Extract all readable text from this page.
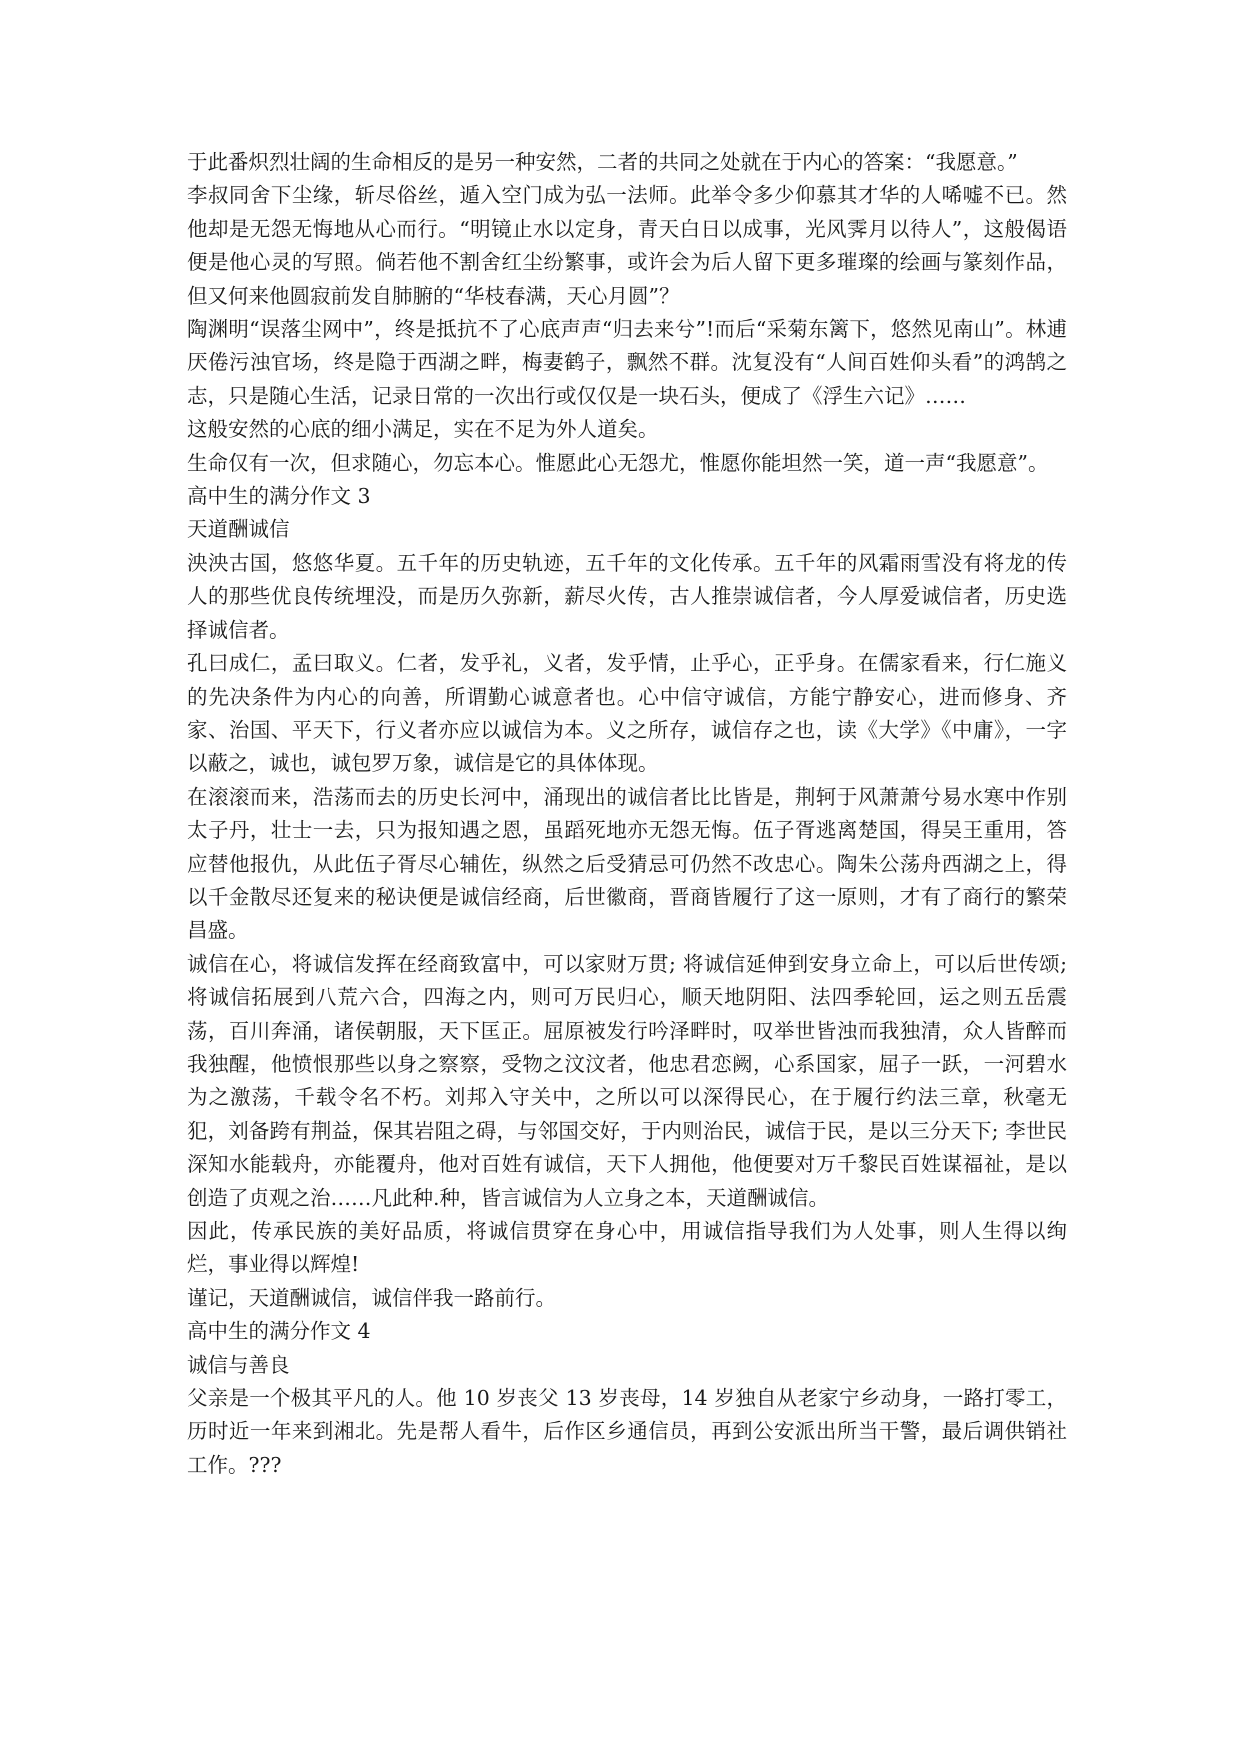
于此番炽烈壮阔的生命相反的是另一种安然，二者的共同之处就在于内心的答案：“我愿意。”

李叔同舍下尘缘，斩尽俗丝，遁入空门成为弘一法师。此举令多少仰慕其才华的人唏嘘不已。然他却是无怨无悔地从心而行。“明镜止水以定身，青天白日以成事，光风霁月以待人”，这般偈语便是他心灵的写照。倘若他不割舍红尘纷繁事，或许会为后人留下更多璀璨的绘画与篆刻作品，但又何来他圆寂前发自肺腑的“华枝春满，天心月圆”？

陶渊明“误落尘网中”，终是抵抗不了心底声声“归去来兮”!而后“采菊东篱下，悠然见南山”。林逋厌倦污浊官场，终是隐于西湖之畔，梅妻鹤子，飘然不群。沈复没有“人间百姓仰头看”的鸿鹄之志，只是随心生活，记录日常的一次出行或仅仅是一块石头，便成了《浮生六记》……

这般安然的心底的细小满足，实在不足为外人道矣。

生命仅有一次，但求随心，勿忘本心。惟愿此心无怨尤，惟愿你能坦然一笑，道一声“我愿意”。

高中生的满分作文 3

天道酬诚信

泱泱古国，悠悠华夏。五千年的历史轨迹，五千年的文化传承。五千年的风霜雨雪没有将龙的传人的那些优良传统埋没，而是历久弥新，薪尽火传，古人推崇诚信者，今人厚爱诚信者，历史选择诚信者。

孔曰成仁，孟曰取义。仁者，发乎礼，义者，发乎情，止乎心，正乎身。在儒家看来，行仁施义的先决条件为内心的向善，所谓勤心诚意者也。心中信守诚信，方能宁静安心，进而修身、齐家、治国、平天下，行义者亦应以诚信为本。义之所存，诚信存之也，读《大学》《中庸》，一字以蔽之，诚也，诚包罗万象，诚信是它的具体体现。

在滚滚而来，浩荡而去的历史长河中，涌现出的诚信者比比皆是，荆轲于风萧萧兮易水寒中作别太子丹，壮士一去，只为报知遇之恩，虽蹈死地亦无怨无悔。伍子胥逃离楚国，得吴王重用，答应替他报仇，从此伍子胥尽心辅佐，纵然之后受猜忌可仍然不改忠心。陶朱公荡舟西湖之上，得以千金散尽还复来的秘诀便是诚信经商，后世徽商，晋商皆履行了这一原则，才有了商行的繁荣昌盛。

诚信在心，将诚信发挥在经商致富中，可以家财万贯; 将诚信延伸到安身立命上，可以后世传颂; 将诚信拓展到八荒六合，四海之内，则可万民归心，顺天地阴阳、法四季轮回，运之则五岳震荡，百川奔涌，诸侯朝服，天下匡正。屈原被发行吟泽畔时，叹举世皆浊而我独清，众人皆醉而我独醒，他愤恨那些以身之察察，受物之汶汶者，他忠君恋阙，心系国家，屈子一跃，一河碧水为之激荡，千载令名不朽。刘邦入守关中，之所以可以深得民心，在于履行约法三章，秋毫无犯，刘备跨有荆益，保其岩阻之碍，与邻国交好，于内则治民，诚信于民，是以三分天下; 李世民深知水能载舟，亦能覆舟，他对百姓有诚信，天下人拥他，他便要对万千黎民百姓谋福祉，是以创造了贞观之治……凡此种.种，皆言诚信为人立身之本，天道酬诚信。

因此，传承民族的美好品质，将诚信贯穿在身心中，用诚信指导我们为人处事，则人生得以绚烂，事业得以辉煌!

谨记，天道酬诚信，诚信伴我一路前行。

高中生的满分作文 4

诚信与善良

父亲是一个极其平凡的人。他 10 岁丧父 13 岁丧母，14 岁独自从老家宁乡动身，一路打零工，历时近一年来到湘北。先是帮人看牛，后作区乡通信员，再到公安派出所当干警，最后调供销社工作。???
